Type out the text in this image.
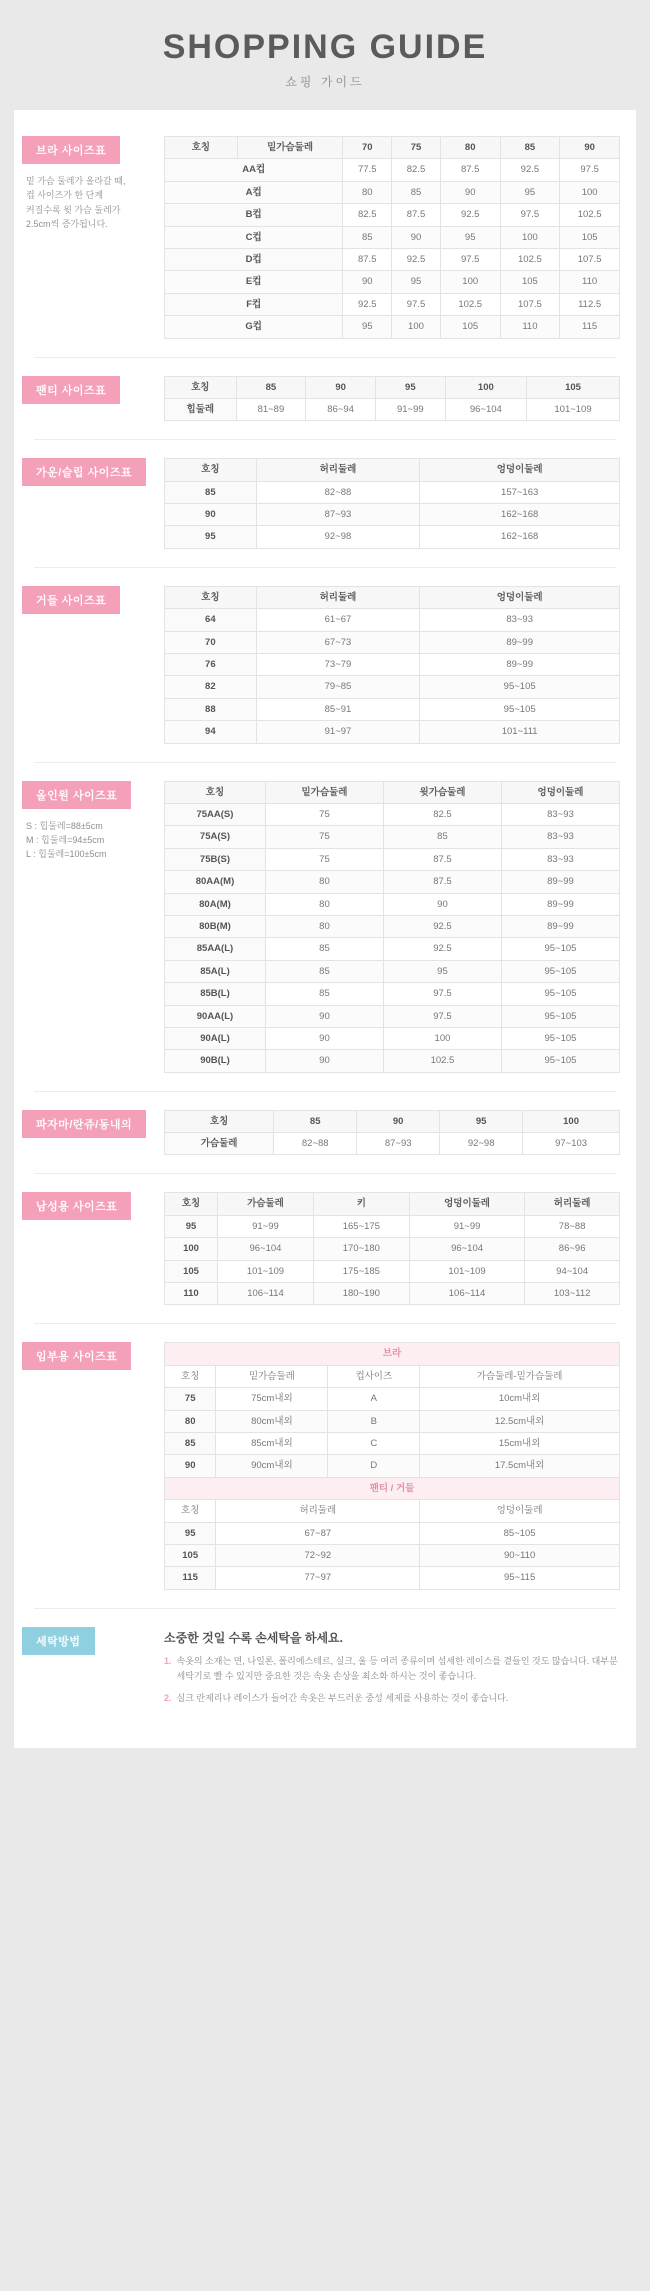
SHOPPING GUIDE
쇼핑 가이드
브라 사이즈표
밑 가슴 둘레가 올라갈 때,
컵 사이즈가 한 단계
커질수록 윗 가슴 둘레가
2.5cm씩 증가됩니다.
호칭	밑가슴둘레	70	75	80	85	90
AA컵		77.5	82.5	87.5	92.5	97.5
A컵		80	85	90	95	100
B컵		82.5	87.5	92.5	97.5	102.5
C컵		85	90	95	100	105
D컵		87.5	92.5	97.5	102.5	107.5
E컵		90	95	100	105	110
F컵		92.5	97.5	102.5	107.5	112.5
G컵		95	100	105	110	115
팬티 사이즈표	호칭	85	90	95	100	105
힙둘레	81~89	86~94	91~99	96~104	101~109
가운/슬립 사이즈표	호칭	허리둘레	엉덩이둘레
85	82~88	157~163
90	87~93	162~168
95	92~98	162~168
거들 사이즈표	호칭	허리둘레	엉덩이둘레
64	61~67	83~93
70	67~73	89~99
76	73~79	89~99
82	79~85	95~105
88	85~91	95~105
94	91~97	101~111
올인원 사이즈표
S : 힙둘레=88±5cm
M : 힙둘레=94±5cm
L : 힙둘레=100±5cm
호칭	밑가슴둘레	윗가슴둘레	엉덩이둘레
75AA(S)	75	82.5	83~93
75A(S)	75	85	83~93
75B(S)	75	87.5	83~93
80AA(M)	80	87.5	89~99
80A(M)	80	90	89~99
80B(M)	80	92.5	89~99
85AA(L)	85	92.5	95~105
85A(L)	85	95	95~105
85B(L)	85	97.5	95~105
90AA(L)	90	97.5	95~105
90A(L)	90	100	95~105
90B(L)	90	102.5	95~105
파자마/란쥬/동내의	호칭	85	90	95	100
가슴둘레	82~88	87~93	92~98	97~103
남성용 사이즈표	호칭	가슴둘레	키	엉덩이둘레	허리둘레
95	91~99	165~175	91~99	78~88
100	96~104	170~180	96~104	86~96
105	101~109	175~185	101~109	94~104
110	106~114	180~190	106~114	103~112
임부용 사이즈표	브라			
호칭	밑가슴둘레	컵사이즈	가슴둘레-밑가슴둘레
75	75cm내외	A	10cm내외
80	80cm내외	B	12.5cm내외
85	85cm내외	C	15cm내외
90	90cm내외	D	17.5cm내외
팬티 / 거들			
호칭	허리둘레		엉덩이둘레
95	67~87		85~105
105	72~92		90~110
115	77~97		95~115
세탁방법	소중한 것일 수록 손세탁을 하세요.
1. 속옷의 소재는 면, 나일론, 폴리에스테르, 실크, 울 등 여러 종류이며 섬세한 레이스를 곁들인 것도 많습니다. 대부분 세탁기로 빨 수 있지만 중요한 것은 속옷 손상을 최소화 하시는 것이 좋습니다.
2. 실크 란제리나 레이스가 들어간 속옷은 부드러운 중성 세제를 사용하는 것이 좋습니다.
